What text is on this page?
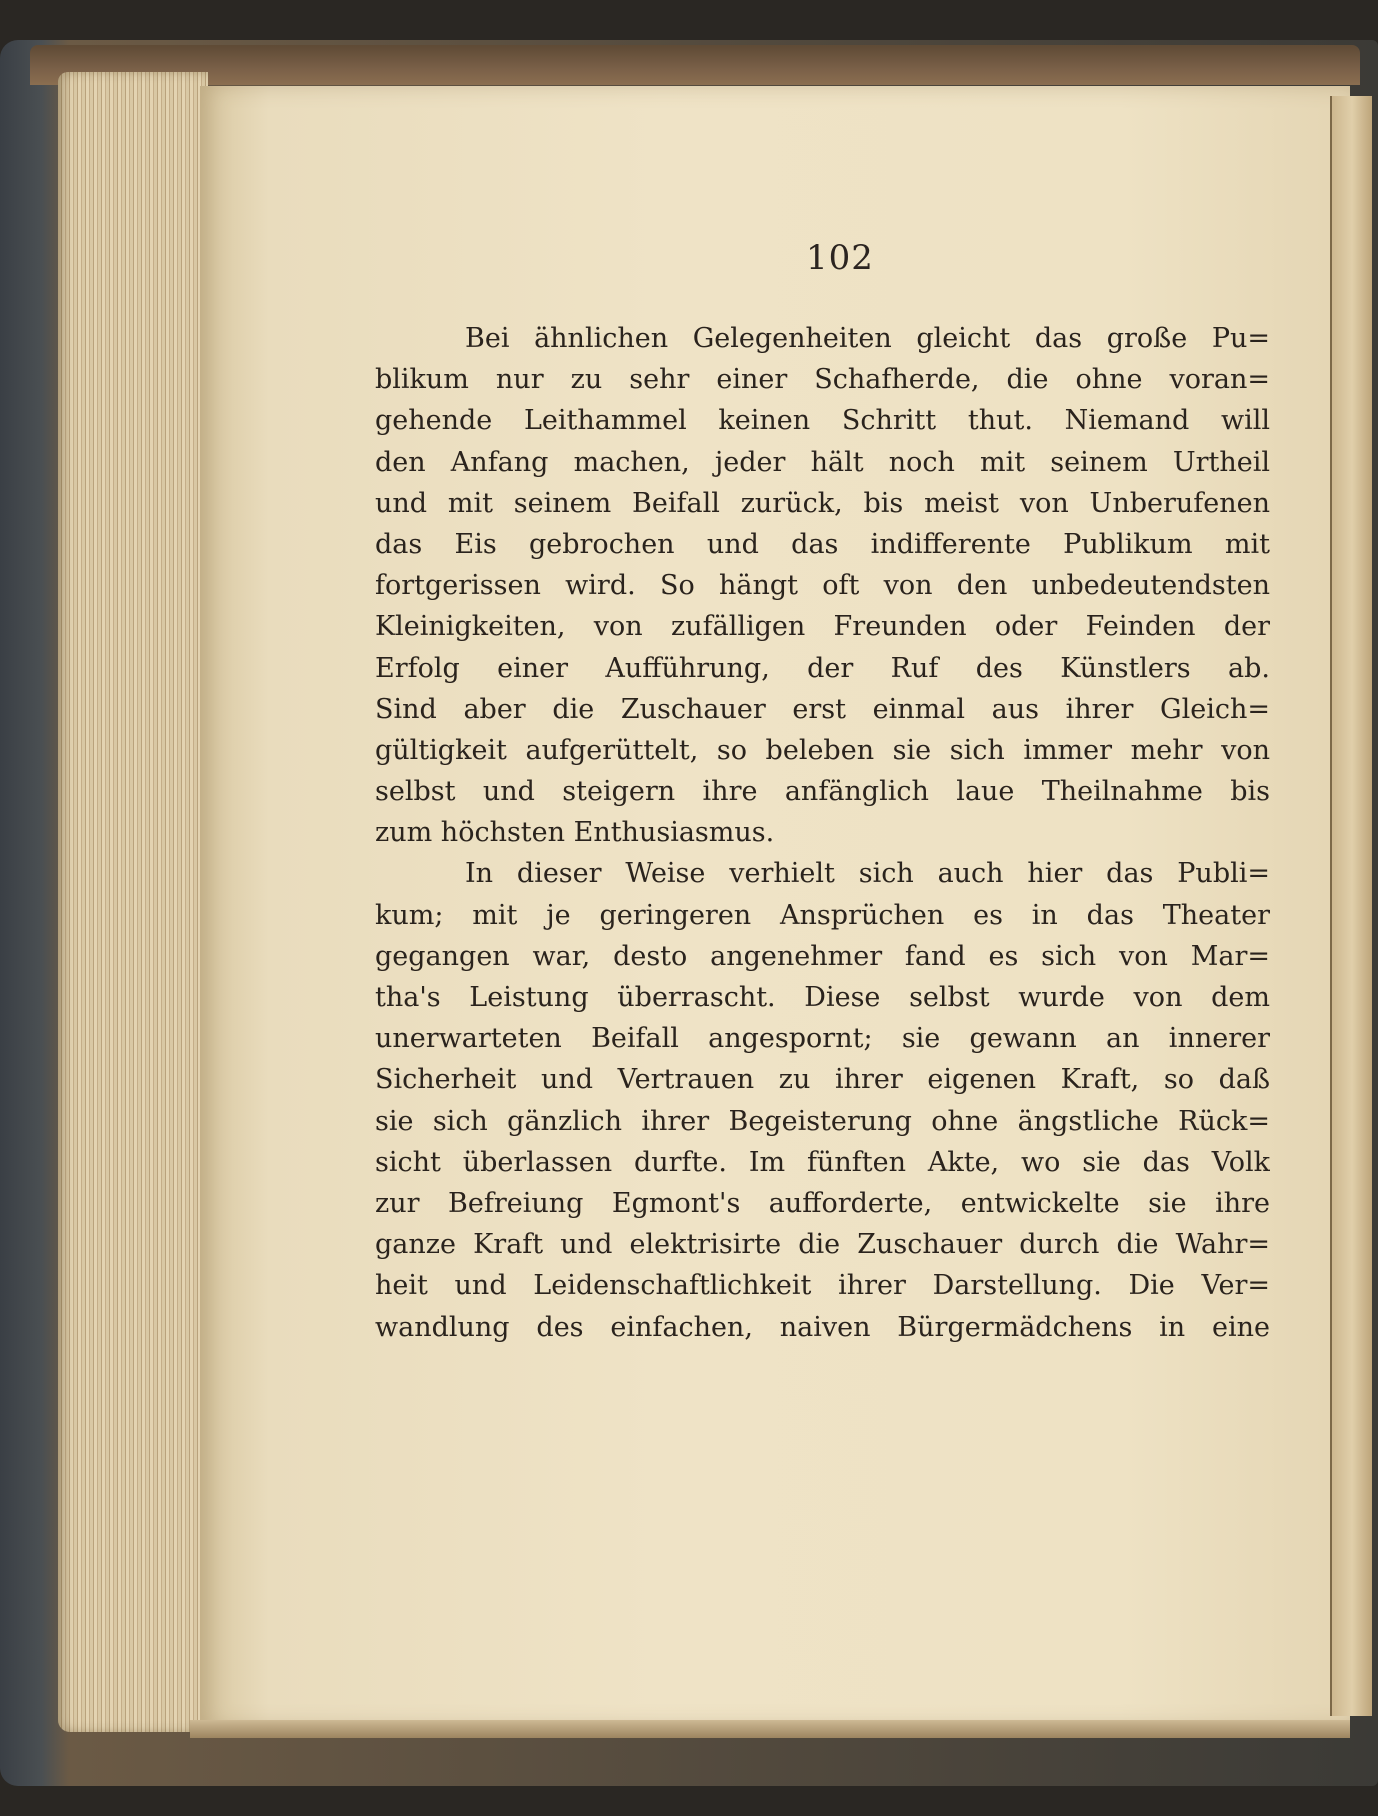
102
Bei ähnlichen Gelegenheiten gleicht das große Pu=
blikum nur zu sehr einer Schafherde, die ohne voran=
gehende Leithammel keinen Schritt thut. Niemand will
den Anfang machen, jeder hält noch mit seinem Urtheil
und mit seinem Beifall zurück, bis meist von Unberufenen
das Eis gebrochen und das indifferente Publikum mit
fortgerissen wird. So hängt oft von den unbedeutendsten
Kleinigkeiten, von zufälligen Freunden oder Feinden der
Erfolg einer Aufführung, der Ruf des Künstlers ab.
Sind aber die Zuschauer erst einmal aus ihrer Gleich=
gültigkeit aufgerüttelt, so beleben sie sich immer mehr von
selbst und steigern ihre anfänglich laue Theilnahme bis
zum höchsten Enthusiasmus.
In dieser Weise verhielt sich auch hier das Publi=
kum; mit je geringeren Ansprüchen es in das Theater
gegangen war, desto angenehmer fand es sich von Mar=
tha's Leistung überrascht. Diese selbst wurde von dem
unerwarteten Beifall angespornt; sie gewann an innerer
Sicherheit und Vertrauen zu ihrer eigenen Kraft, so daß
sie sich gänzlich ihrer Begeisterung ohne ängstliche Rück=
sicht überlassen durfte. Im fünften Akte, wo sie das Volk
zur Befreiung Egmont's aufforderte, entwickelte sie ihre
ganze Kraft und elektrisirte die Zuschauer durch die Wahr=
heit und Leidenschaftlichkeit ihrer Darstellung. Die Ver=
wandlung des einfachen, naiven Bürgermädchens in eine
